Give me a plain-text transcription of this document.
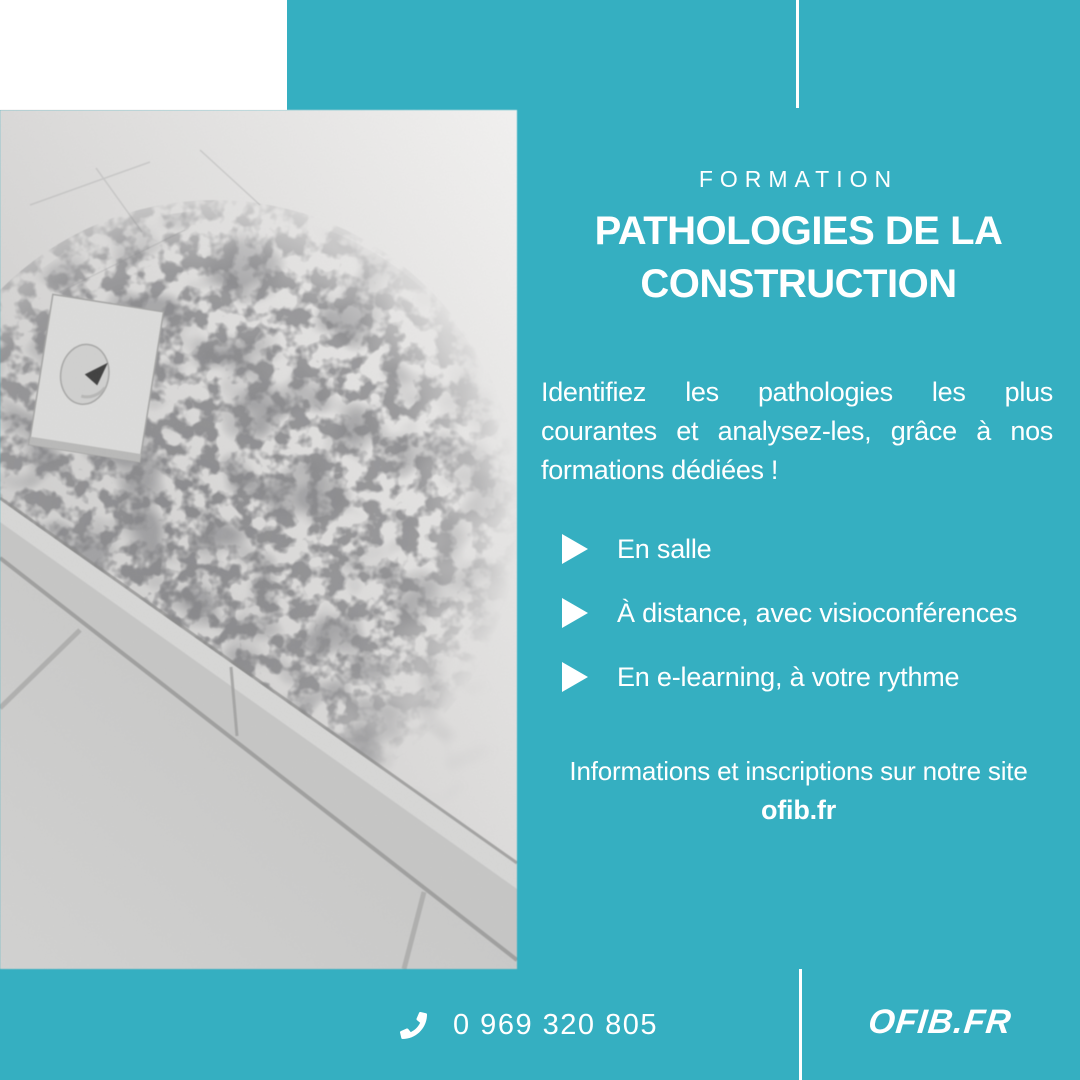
FORMATION
PATHOLOGIES DE LA
CONSTRUCTION
Identifiez les pathologies les plus
courantes et analysez-les, grâce à nos
formations dédiées !
En salle
À distance, avec visioconférences
En e-learning, à votre rythme
Informations et inscriptions sur notre site
ofib.fr
0 969 320 805	OFIB.FR
